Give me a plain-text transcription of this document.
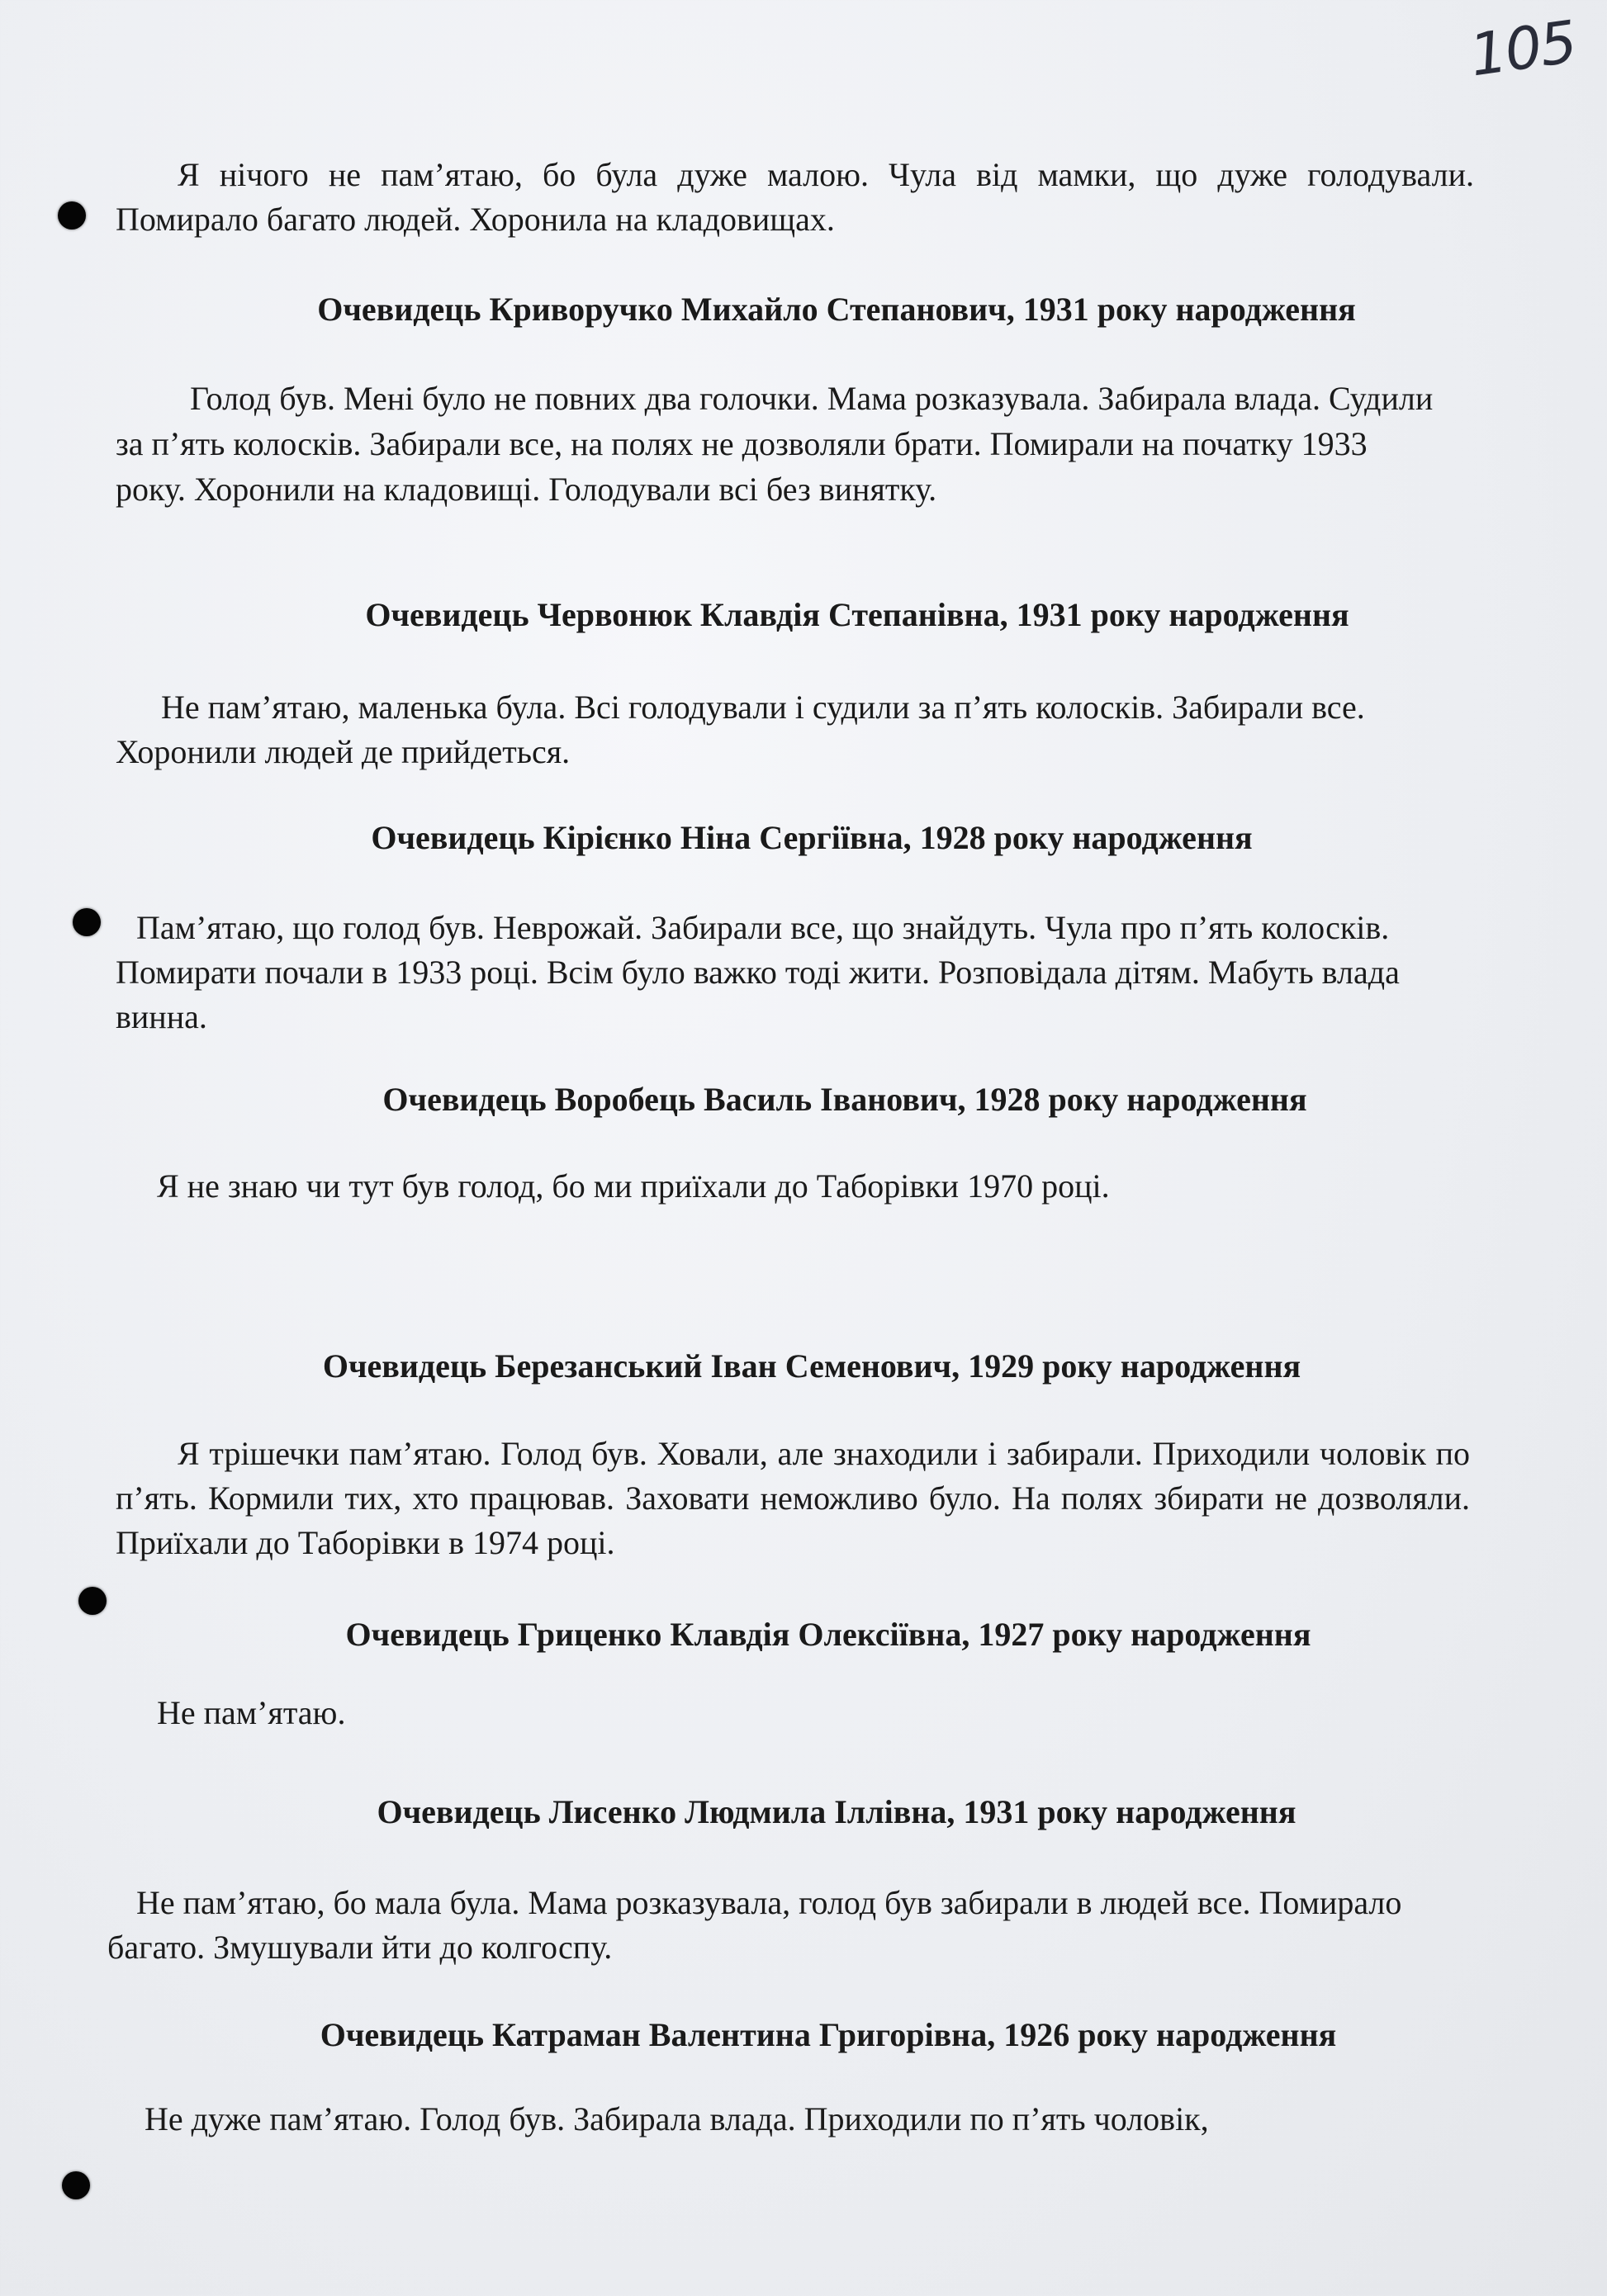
105

Я нічого не пам’ятаю, бо була дуже малою. Чула від мамки, що дуже голодували. Помирало багато людей. Хоронила на кладовищах.

Очевидець Криворучко Михайло Степанович, 1931 року народження

Голод був. Мені було не повних два голочки. Мама розказувала. Забирала влада. Судили за п’ять колосків. Забирали все, на полях не дозволяли брати. Помирали на початку 1933 року. Хоронили на кладовищі. Голодували всі без винятку.

Очевидець Червонюк Клавдія Степанівна, 1931 року народження

Не пам’ятаю, маленька була. Всі голодували і судили за п’ять колосків. Забирали все. Хоронили людей де прийдеться.

Очевидець Кірієнко Ніна Сергіївна, 1928 року народження

Пам’ятаю, що голод був. Неврожай. Забирали все, що знайдуть. Чула про п’ять колосків. Помирати почали в 1933 році. Всім було важко тоді жити. Розповідала дітям. Мабуть влада винна.

Очевидець Воробець Василь Іванович, 1928 року народження

Я не знаю чи тут був голод, бо ми приїхали до Таборівки 1970 році.

Очевидець Березанський Іван Семенович, 1929 року народження

Я трішечки пам’ятаю. Голод був. Ховали, але знаходили і забирали. Приходили чоловік по п’ять. Кормили тих, хто працював. Заховати неможливо було. На полях збирати не дозволяли. Приїхали до Таборівки в 1974 році.

Очевидець Гриценко Клавдія Олексіївна, 1927 року народження

Не пам’ятаю.

Очевидець Лисенко Людмила Іллівна, 1931 року народження

Не пам’ятаю, бо мала була. Мама розказувала, голод був забирали в людей все. Помирало багато. Змушували йти до колгоспу.

Очевидець Катраман Валентина Григорівна, 1926 року народження

Не дуже пам’ятаю. Голод був. Забирала влада. Приходили по п’ять чоловік,
